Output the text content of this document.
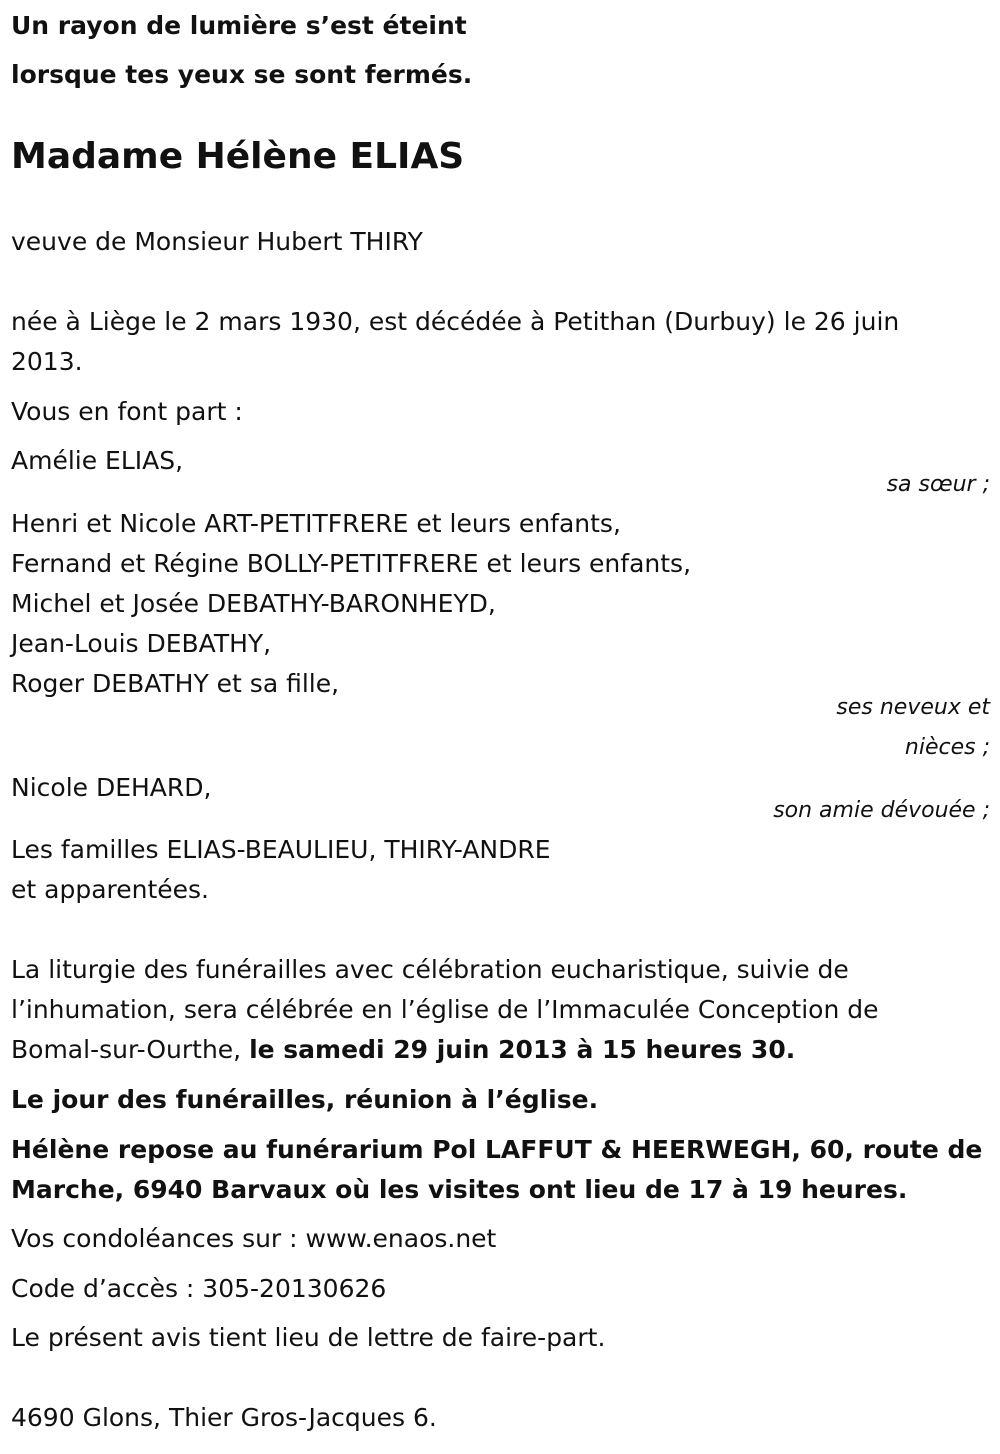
Un rayon de lumière s’est éteint

lorsque tes yeux se sont fermés.

Madame Hélène ELIAS

veuve de Monsieur Hubert THIRY

née à Liège le 2 mars 1930, est décédée à Petithan (Durbuy) le 26 juin

2013.

Vous en font part :

Amélie ELIAS,

sa sœur ;

Henri et Nicole ART-PETITFRERE et leurs enfants,

Fernand et Régine BOLLY-PETITFRERE et leurs enfants,

Michel et Josée DEBATHY-BARONHEYD,

Jean-Louis DEBATHY,

Roger DEBATHY et sa fille,

ses neveux et

nièces ;

Nicole DEHARD,

son amie dévouée ;

Les familles ELIAS-BEAULIEU, THIRY-ANDRE

et apparentées.

La liturgie des funérailles avec célébration eucharistique, suivie de

l’inhumation, sera célébrée en l’église de l’Immaculée Conception de

Bomal-sur-Ourthe, le samedi 29 juin 2013 à 15 heures 30.

Le jour des funérailles, réunion à l’église.

Hélène repose au funérarium Pol LAFFUT & HEERWEGH, 60, route de

Marche, 6940 Barvaux où les visites ont lieu de 17 à 19 heures.

Vos condoléances sur : www.enaos.net

Code d’accès : 305-20130626

Le présent avis tient lieu de lettre de faire-part.

4690 Glons, Thier Gros-Jacques 6.
